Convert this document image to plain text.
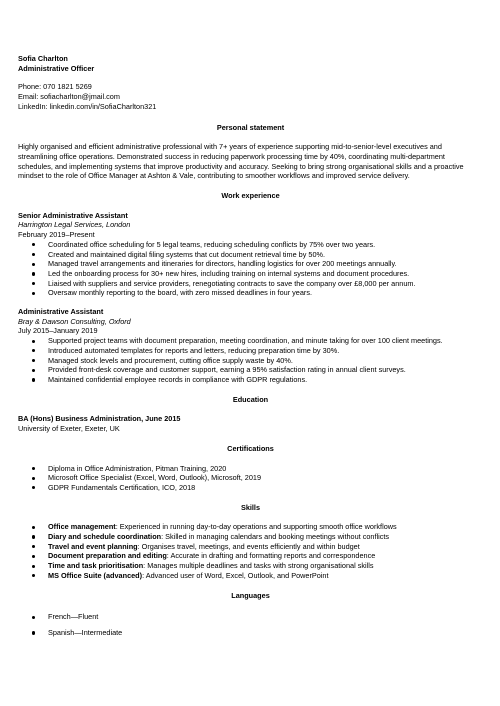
Sofia Charlton
Administrative Officer
Phone: 070 1821 5269
Email: sofiacharlton@jmail.com
LinkedIn: linkedin.com/in/SofiaCharlton321
Personal statement
Highly organised and efficient administrative professional with 7+ years of experience supporting mid-to-senior-level executives and
streamlining office operations. Demonstrated success in reducing paperwork processing time by 40%, coordinating multi-department
schedules, and implementing systems that improve productivity and accuracy. Seeking to bring strong organisational skills and a proactive
mindset to the role of Office Manager at Ashton & Vale, contributing to smoother workflows and improved service delivery.
Work experience
Senior Administrative Assistant
Harrington Legal Services, London
February 2019–Present
Coordinated office scheduling for 5 legal teams, reducing scheduling conflicts by 75% over two years.
Created and maintained digital filing systems that cut document retrieval time by 50%.
Managed travel arrangements and itineraries for directors, handling logistics for over 200 meetings annually.
Led the onboarding process for 30+ new hires, including training on internal systems and document procedures.
Liaised with suppliers and service providers, renegotiating contracts to save the company over £8,000 per annum.
Oversaw monthly reporting to the board, with zero missed deadlines in four years.
Administrative Assistant
Bray & Dawson Consulting, Oxford
July 2015–January 2019
Supported project teams with document preparation, meeting coordination, and minute taking for over 100 client meetings.
Introduced automated templates for reports and letters, reducing preparation time by 30%.
Managed stock levels and procurement, cutting office supply waste by 40%.
Provided front-desk coverage and customer support, earning a 95% satisfaction rating in annual client surveys.
Maintained confidential employee records in compliance with GDPR regulations.
Education
BA (Hons) Business Administration, June 2015
University of Exeter, Exeter, UK
Certifications
Diploma in Office Administration, Pitman Training, 2020
Microsoft Office Specialist (Excel, Word, Outlook), Microsoft, 2019
GDPR Fundamentals Certification, ICO, 2018
Skills
Office management: Experienced in running day-to-day operations and supporting smooth office workflows
Diary and schedule coordination: Skilled in managing calendars and booking meetings without conflicts
Travel and event planning: Organises travel, meetings, and events efficiently and within budget
Document preparation and editing: Accurate in drafting and formatting reports and correspondence
Time and task prioritisation: Manages multiple deadlines and tasks with strong organisational skills
MS Office Suite (advanced): Advanced user of Word, Excel, Outlook, and PowerPoint
Languages
French—Fluent
Spanish—Intermediate
